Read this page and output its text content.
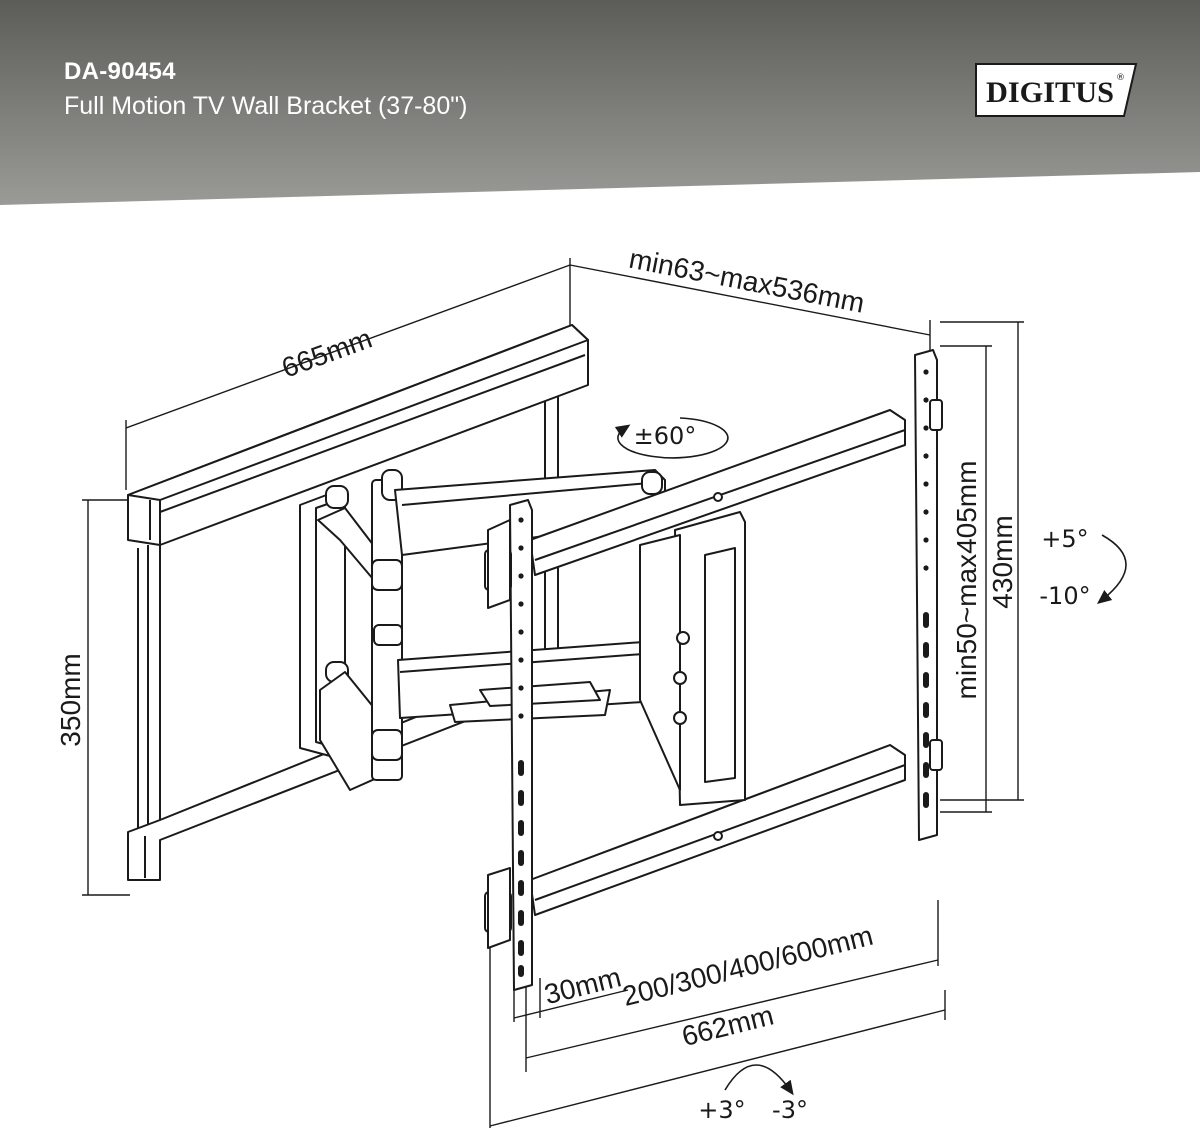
DA-90454
Full Motion TV Wall Bracket (37-80")	DIGITUS ®
665mm
min63~max536mm
350mm
min50~max405mm 430mm
30mm
200/300/400/600mm
662mm
±60°
+5°
-10°
+3° -3°
